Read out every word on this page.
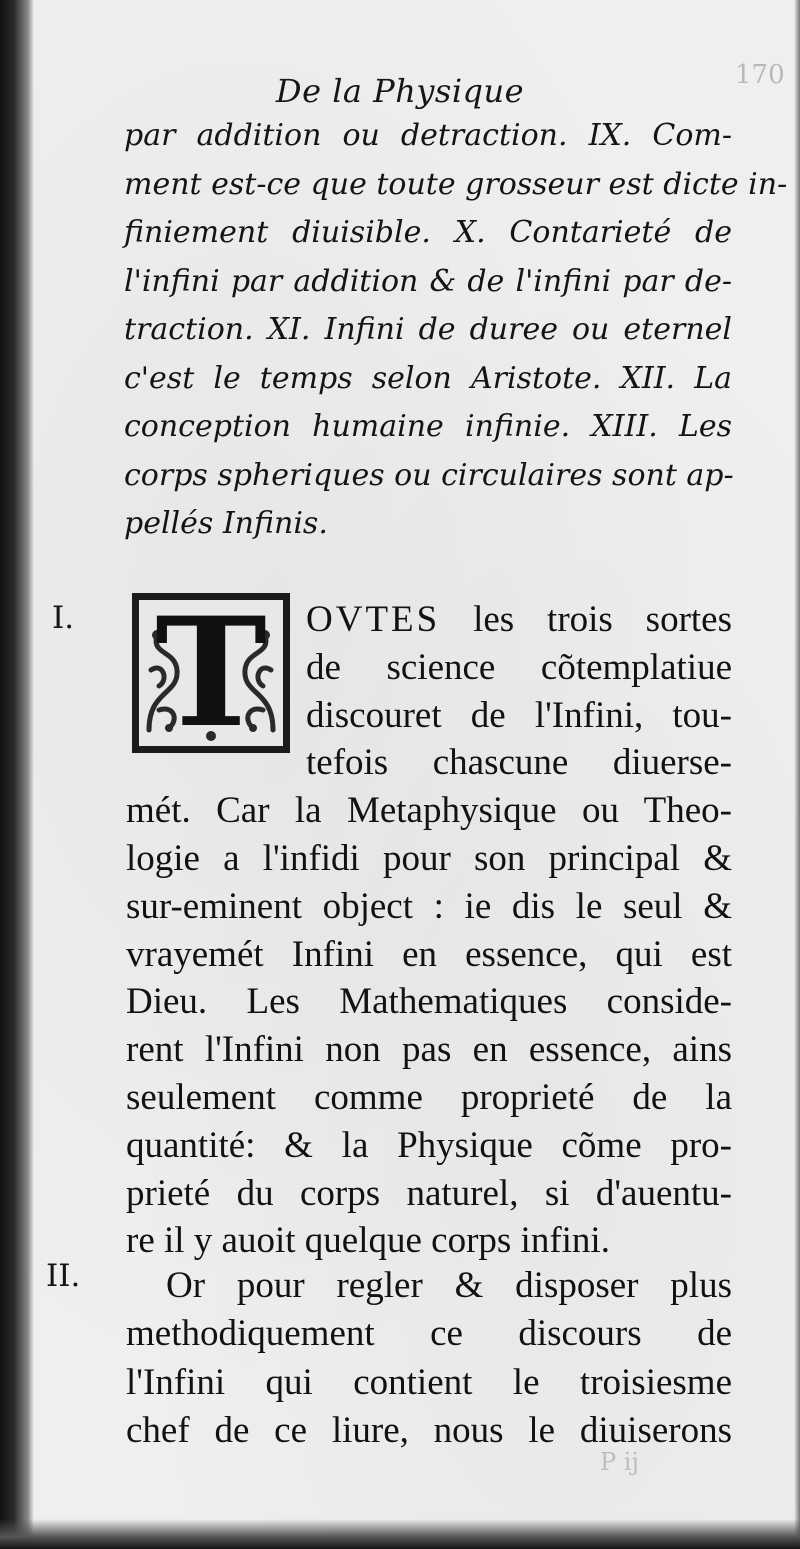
170
De la Physique
par addition ou detraction. IX. Com-
ment est-ce que toute grosseur est dicte in-
finiement diuisible. X. Contarieté de
l'infini par addition & de l'infini par de-
traction. XI. Infini de duree ou eternel
c'est le temps selon Aristote. XII. La
conception humaine infinie. XIII. Les
corps spheriques ou circulaires sont ap-
pellés Infinis.
I.
II.
T	OVTES les trois sortes
de science cõtemplatiue
discouret de l'Infini, tou-
tefois chascune diuerse-
mét. Car la Metaphysique ou Theo-
logie a l'infidi pour son principal &
sur-eminent object : ie dis le seul &
vrayemét Infini en essence, qui est
Dieu. Les Mathematiques conside-
rent l'Infini non pas en essence, ains
seulement comme proprieté de la
quantité: & la Physique cõme pro-
prieté du corps naturel, si d'auentu-
re il y auoit quelque corps infini.
Or pour regler & disposer plus
methodiquement ce discours de
l'Infini qui contient le troisiesme
chef de ce liure, nous le diuiserons
P ij
